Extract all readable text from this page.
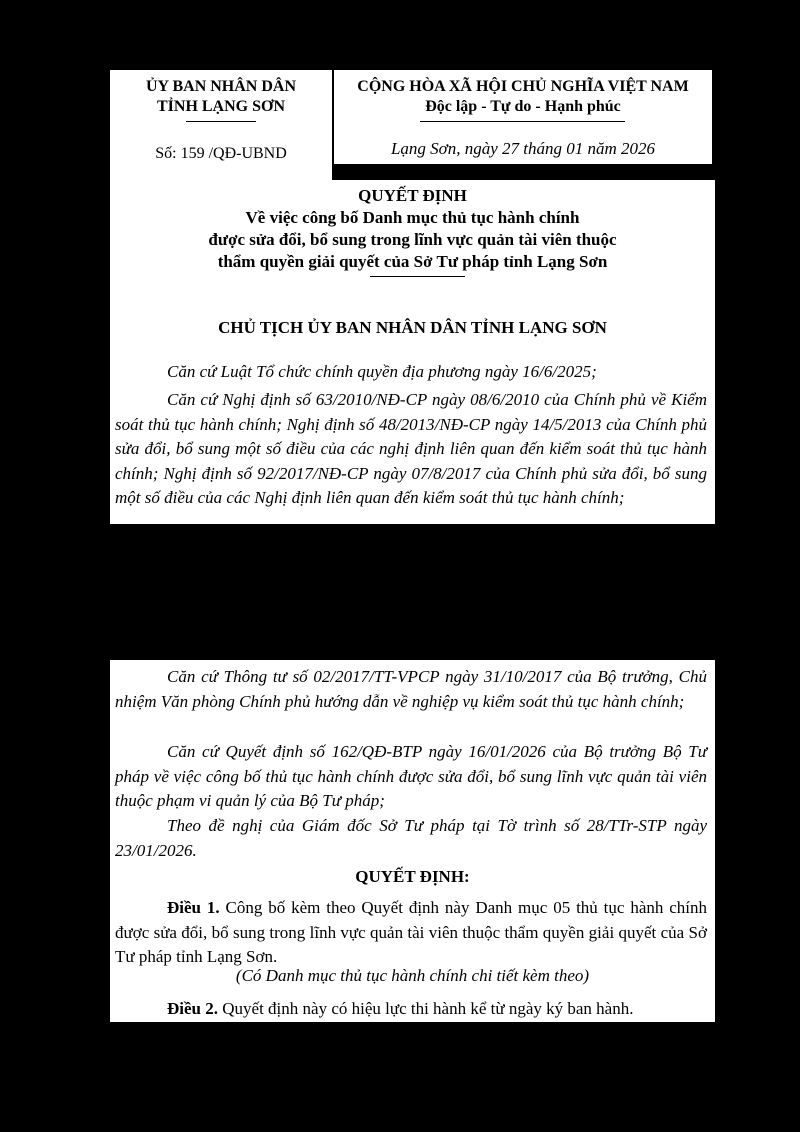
ỦY BAN NHÂN DÂN
TỈNH LẠNG SƠN
Số: 159 /QĐ-UBND
CỘNG HÒA XÃ HỘI CHỦ NGHĨA VIỆT NAM
Độc lập - Tự do - Hạnh phúc
Lạng Sơn, ngày 27 tháng 01 năm 2026
QUYẾT ĐỊNH
Về việc công bố Danh mục thủ tục hành chính
được sửa đổi, bổ sung trong lĩnh vực quản tài viên thuộc
thẩm quyền giải quyết của Sở Tư pháp tỉnh Lạng Sơn
CHỦ TỊCH ỦY BAN NHÂN DÂN TỈNH LẠNG SƠN

Căn cứ Luật Tổ chức chính quyền địa phương ngày 16/6/2025;

Căn cứ Nghị định số 63/2010/NĐ-CP ngày 08/6/2010 của Chính phủ về Kiểm soát thủ tục hành chính; Nghị định số 48/2013/NĐ-CP ngày 14/5/2013 của Chính phủ sửa đổi, bổ sung một số điều của các nghị định liên quan đến kiểm soát thủ tục hành chính; Nghị định số 92/2017/NĐ-CP ngày 07/8/2017 của Chính phủ sửa đổi, bổ sung một số điều của các Nghị định liên quan đến kiểm soát thủ tục hành chính;

Căn cứ Thông tư số 02/2017/TT-VPCP ngày 31/10/2017 của Bộ trưởng, Chủ nhiệm Văn phòng Chính phủ hướng dẫn về nghiệp vụ kiểm soát thủ tục hành chính;

Căn cứ Quyết định số 162/QĐ-BTP ngày 16/01/2026 của Bộ trưởng Bộ Tư pháp về việc công bố thủ tục hành chính được sửa đổi, bổ sung lĩnh vực quản tài viên thuộc phạm vi quản lý của Bộ Tư pháp;

Theo đề nghị của Giám đốc Sở Tư pháp tại Tờ trình số 28/TTr-STP ngày 23/01/2026.

QUYẾT ĐỊNH:

Điều 1. Công bố kèm theo Quyết định này Danh mục 05 thủ tục hành chính được sửa đổi, bổ sung trong lĩnh vực quản tài viên thuộc thẩm quyền giải quyết của Sở Tư pháp tỉnh Lạng Sơn.

(Có Danh mục thủ tục hành chính chi tiết kèm theo)

Điều 2. Quyết định này có hiệu lực thi hành kể từ ngày ký ban hành.
